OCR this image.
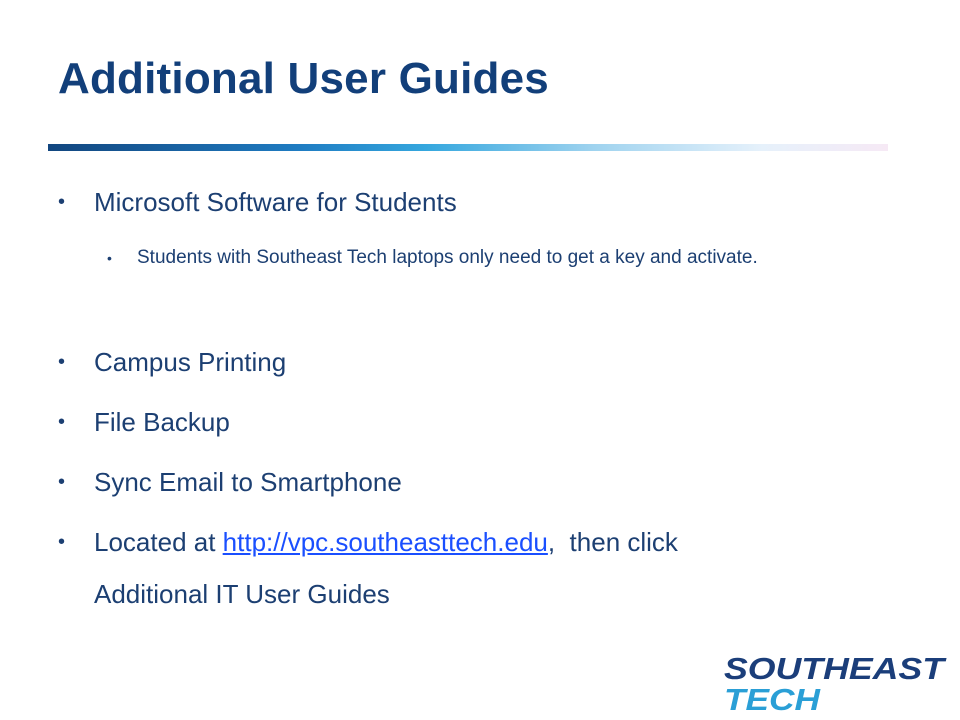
Additional User Guides
• Microsoft Software for Students
• Students with Southeast Tech laptops only need to get a key and activate.
• Campus Printing
• File Backup
• Sync Email to Smartphone
• Located at http://vpc.southeasttech.edu,  then click
Additional IT User Guides
SOUTHEAST
TECH
